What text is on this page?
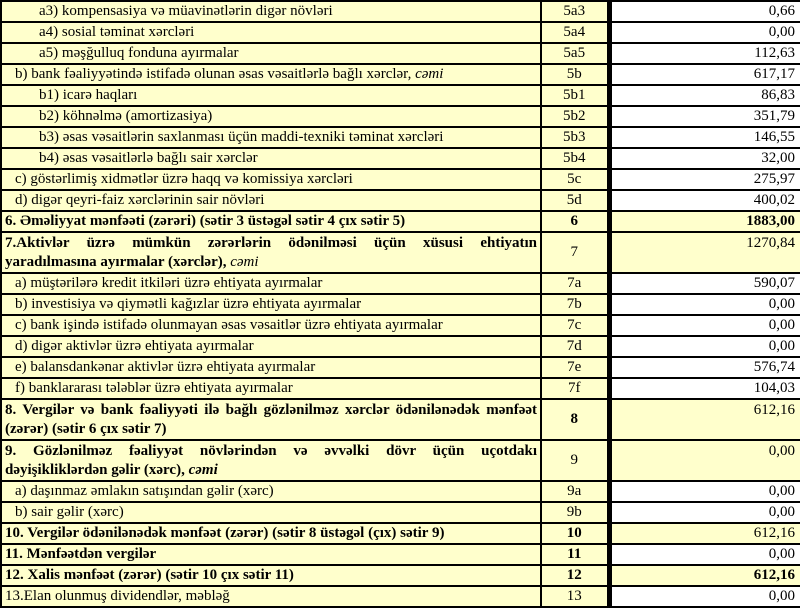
a3) kompensasiya və müavinətlərin digər növləri	5a3	0,66
a4) sosial təminat xərcləri	5a4	0,00
a5) məşğulluq fonduna ayırmalar	5a5	112,63
b) bank fəaliyyətində istifadə olunan əsas vəsaitlərlə bağlı xərclər, cəmi	5b	617,17
b1) icarə haqları	5b1	86,83
b2) köhnəlmə (amortizasiya)	5b2	351,79
b3) əsas vəsaitlərin saxlanması üçün maddi-texniki təminat xərcləri	5b3	146,55
b4) əsas vəsaitlərlə bağlı sair xərclər	5b4	32,00
c) göstərlimiş xidmətlər üzrə haqq və komissiya xərcləri	5c	275,97
d) digər qeyri-faiz xərclərinin sair növləri	5d	400,02
6. Əməliyyat mənfəəti (zərəri) (sətir 3 üstəgəl sətir 4 çıx sətir 5)	6	1883,00
7.Aktivlər üzrə mümkün zərərlərin ödənilməsi üçün xüsusi ehtiyatın yaradılmasına ayırmalar (xərclər), cəmi	7	1270,84
a) müştərilərə kredit itkiləri üzrə ehtiyata ayırmalar	7a	590,07
b) investisiya və qiymətli kağızlar üzrə ehtiyata ayırmalar	7b	0,00
c) bank işində istifadə olunmayan əsas vəsaitlər üzrə ehtiyata ayırmalar	7c	0,00
d) digər aktivlər üzrə ehtiyata ayırmalar	7d	0,00
e) balansdankənar aktivlər üzrə ehtiyata ayırmalar	7e	576,74
f) banklararası tələblər üzrə ehtiyata ayırmalar	7f	104,03
8. Vergilər və bank fəaliyyəti ilə bağlı gözlənilməz xərclər ödənilənədək mənfəət (zərər) (sətir 6 çıx sətir 7)	8	612,16
9. Gözlənilməz fəaliyyət növlərindən və əvvəlki dövr üçün uçotdakı dəyişikliklərdən gəlir (xərc), cəmi	9	0,00
a) daşınmaz əmlakın satışından gəlir (xərc)	9a	0,00
b) sair gəlir (xərc)	9b	0,00
10. Vergilər ödənilənədək mənfəət (zərər) (sətir 8 üstəgəl (çıx) sətir 9)	10	612,16
11. Mənfəətdən vergilər	11	0,00
12. Xalis mənfəət (zərər) (sətir 10 çıx sətir 11)	12	612,16
13.Elan olunmuş dividendlər, məbləğ	13	0,00
